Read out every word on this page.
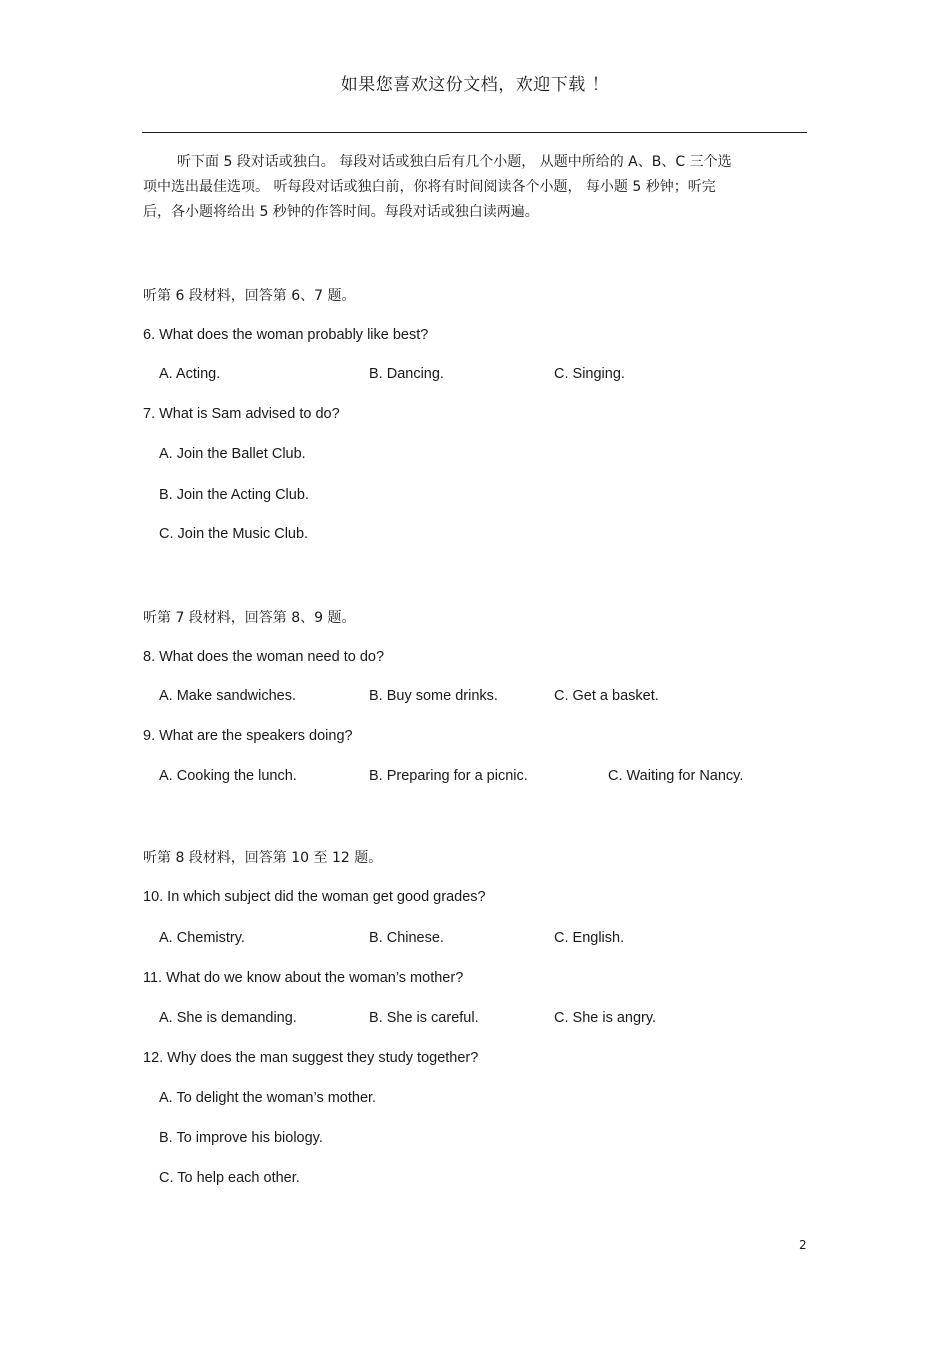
如果您喜欢这份文档，欢迎下载 ！
听下面 5 段对话或独白。 每段对话或独白后有几个小题， 从题中所给的 A、B、C 三个选
项中选出最佳选项。 听每段对话或独白前，你将有时间阅读各个小题， 每小题 5 秒钟；听完
后，各小题将给出 5 秒钟的作答时间。每段对话或独白读两遍。
听第 6 段材料，回答第 6、7 题。
6. What does the woman probably like best?
A. Acting.	B. Dancing.	C. Singing.
7. What is Sam advised to do?
A. Join the Ballet Club.
B. Join the Acting Club.
C. Join the Music Club.
听第 7 段材料，回答第 8、9 题。
8. What does the woman need to do?
A. Make sandwiches.	B. Buy some drinks.	C. Get a basket.
9. What are the speakers doing?
A. Cooking the lunch.	B. Preparing for a picnic.	C. Waiting for Nancy.
听第 8 段材料，回答第 10 至 12 题。
10. In which subject did the woman get good grades?
A. Chemistry.	B. Chinese.	C. English.
11. What do we know about the woman’s mother?
A. She is demanding.	B. She is careful.	C. She is angry.
12. Why does the man suggest they study together?
A. To delight the woman’s mother.
B. To improve his biology.
C. To help each other.
2
